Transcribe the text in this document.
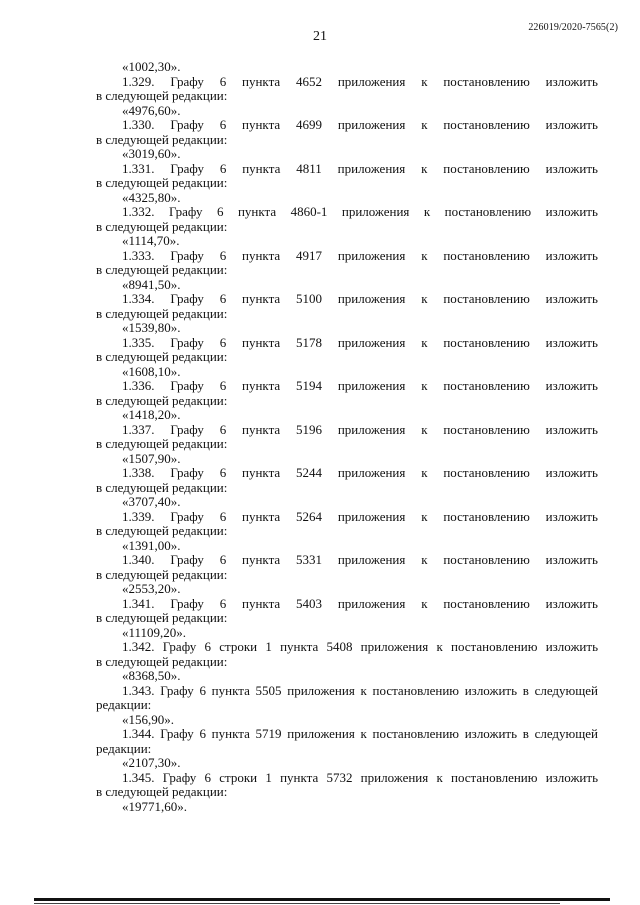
226019/2020-7565(2)
21
«1002,30».
1.329. Графу 6 пункта 4652 приложения к постановлению изложить
в следующей редакции:
«4976,60».
1.330. Графу 6 пункта 4699 приложения к постановлению изложить
в следующей редакции:
«3019,60».
1.331. Графу 6 пункта 4811 приложения к постановлению изложить
в следующей редакции:
«4325,80».
1.332. Графу 6 пункта 4860-1 приложения к постановлению изложить
в следующей редакции:
«1114,70».
1.333. Графу 6 пункта 4917 приложения к постановлению изложить
в следующей редакции:
«8941,50».
1.334. Графу 6 пункта 5100 приложения к постановлению изложить
в следующей редакции:
«1539,80».
1.335. Графу 6 пункта 5178 приложения к постановлению изложить
в следующей редакции:
«1608,10».
1.336. Графу 6 пункта 5194 приложения к постановлению изложить
в следующей редакции:
«1418,20».
1.337. Графу 6 пункта 5196 приложения к постановлению изложить
в следующей редакции:
«1507,90».
1.338. Графу 6 пункта 5244 приложения к постановлению изложить
в следующей редакции:
«3707,40».
1.339. Графу 6 пункта 5264 приложения к постановлению изложить
в следующей редакции:
«1391,00».
1.340. Графу 6 пункта 5331 приложения к постановлению изложить
в следующей редакции:
«2553,20».
1.341. Графу 6 пункта 5403 приложения к постановлению изложить
в следующей редакции:
«11109,20».
1.342. Графу 6 строки 1 пункта 5408 приложения к постановлению изложить
в следующей редакции:
«8368,50».
1.343. Графу 6 пункта 5505 приложения к постановлению изложить в следующей
редакции:
«156,90».
1.344. Графу 6 пункта 5719 приложения к постановлению изложить в следующей
редакции:
«2107,30».
1.345. Графу 6 строки 1 пункта 5732 приложения к постановлению изложить
в следующей редакции:
«19771,60».
